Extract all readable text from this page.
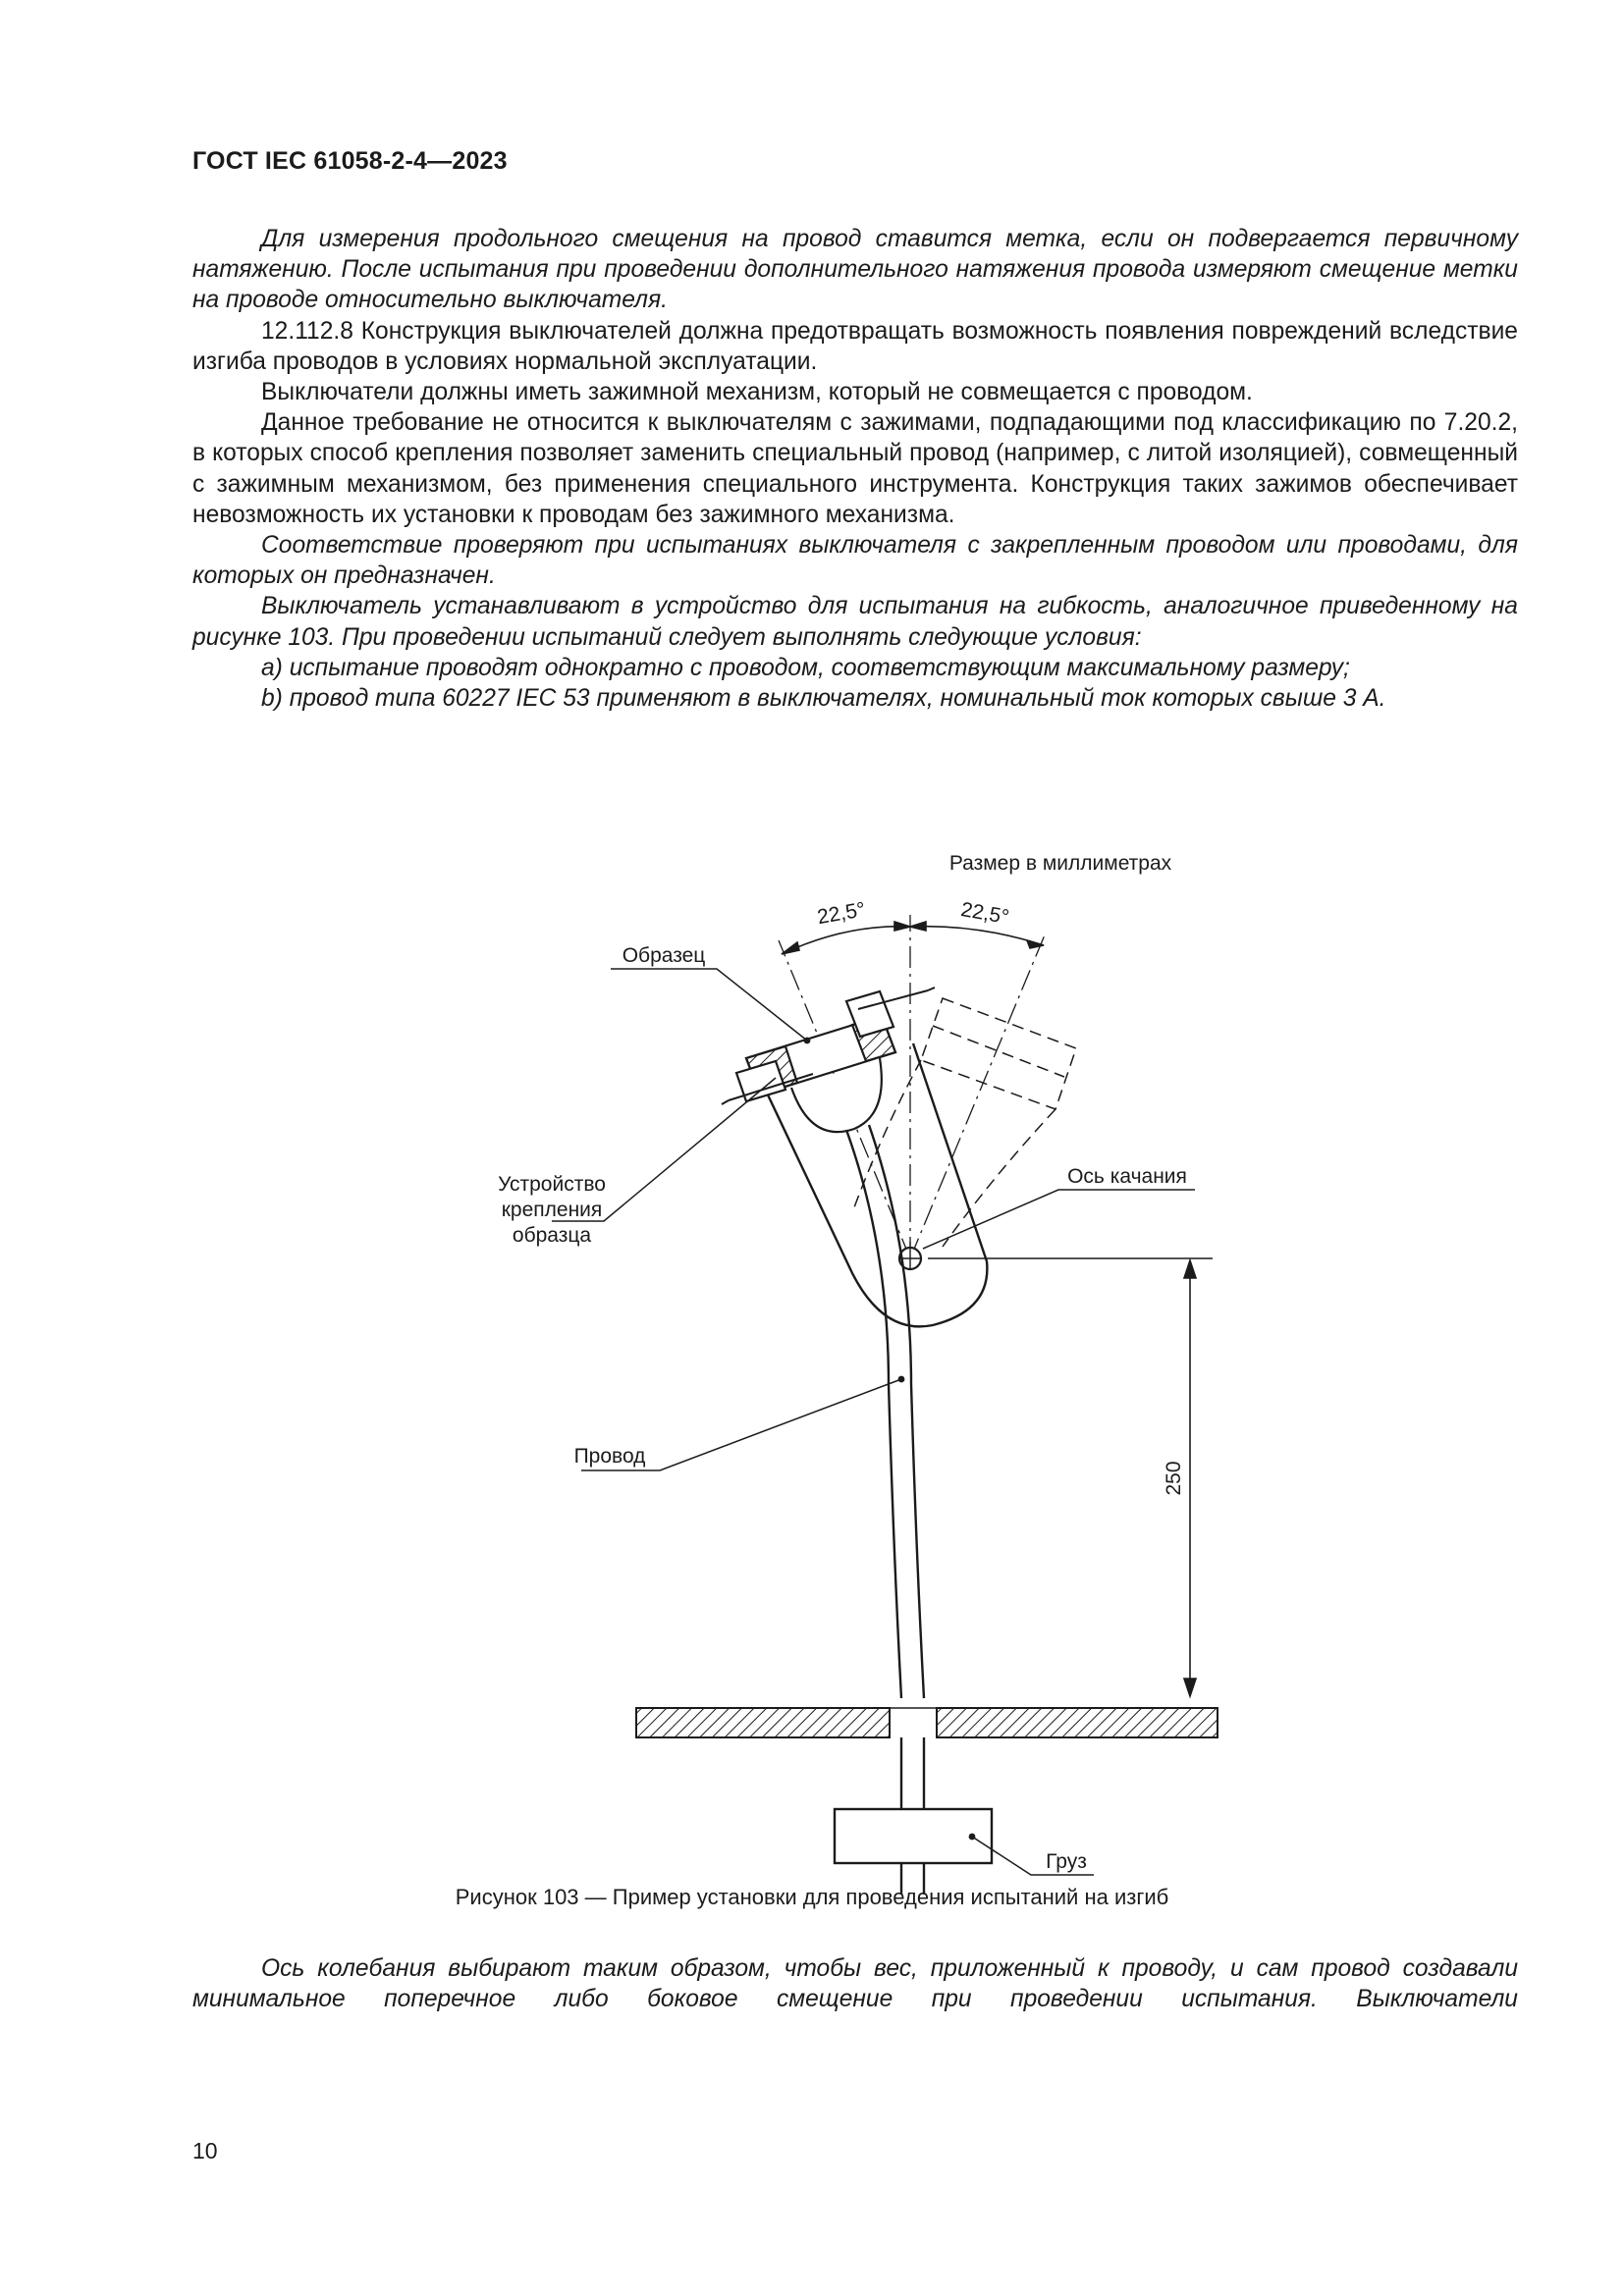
ГОСТ IEC 61058-2-4—2023

Для измерения продольного смещения на провод ставится метка, если он подвергается первичному натяжению. После испытания при проведении дополнительного натяжения провода измеряют смещение метки на проводе относительно выключателя.

12.112.8 Конструкция выключателей должна предотвращать возможность появления повреждений вследствие изгиба проводов в условиях нормальной эксплуатации.

Выключатели должны иметь зажимной механизм, который не совмещается с проводом.

Данное требование не относится к выключателям с зажимами, подпадающими под классификацию по 7.20.2, в которых способ крепления позволяет заменить специальный провод (например, с литой изоляцией), совмещенный с зажимным механизмом, без применения специального инструмента. Конструкция таких зажимов обеспечивает невозможность их установки к проводам без зажимного механизма.

Соответствие проверяют при испытаниях выключателя с закрепленным проводом или проводами, для которых он предназначен.

Выключатель устанавливают в устройство для испытания на гибкость, аналогичное приведенному на рисунке 103. При проведении испытаний следует выполнять следующие условия:

a) испытание проводят однократно с проводом, соответствующим максимальному размеру;

b) провод типа 60227 IEC 53 применяют в выключателях, номинальный ток которых свыше 3 А.

Размер в миллиметрах
22,5°	22,5°
250
Образец
Устройство
крепления
образца
Ось качания
Провод
Груз
Рисунок 103 — Пример установки для проведения испытаний на изгиб

Ось колебания выбирают таким образом, чтобы вес, приложенный к проводу, и сам провод создавали минимальное поперечное либо боковое смещение при проведении испытания. Выключатели

10
